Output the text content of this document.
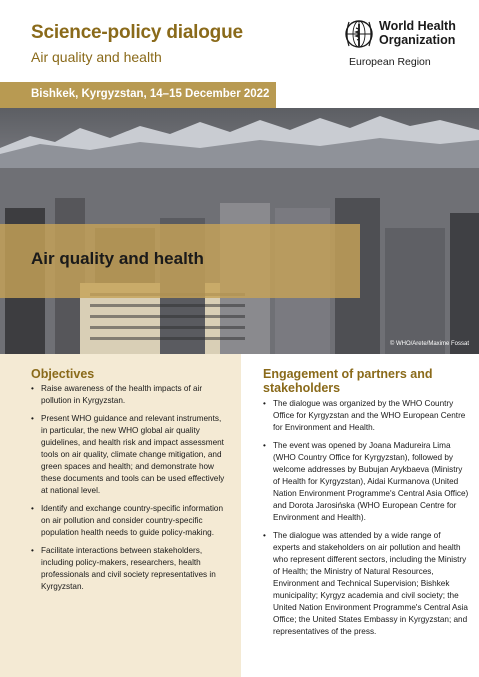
Science-policy dialogue
Air quality and health
World Health
Organization
European Region
Bishkek, Kyrgyzstan, 14–15 December 2022
Air quality and health
© WHO/Arete/Maxime Fossat
Objectives
• Raise awareness of the health impacts of air pollution in Kyrgyzstan.
• Present WHO guidance and relevant instruments, in particular, the new WHO global air quality guidelines, and health risk and impact assessment tools on air quality, climate change mitigation, and green spaces and health; and demonstrate how these documents and tools can be used effectively at national level.
• Identify and exchange country-specific information on air pollution and consider country-specific population health needs to guide policy-making.
• Facilitate interactions between stakeholders, including policy-makers, researchers, health professionals and civil society representatives in Kyrgyzstan.
Engagement of partners and stakeholders
• The dialogue was organized by the WHO Country Office for Kyrgyzstan and the WHO European Centre for Environment and Health.
• The event was opened by Joana Madureira Lima (WHO Country Office for Kyrgyzstan), followed by welcome addresses by Bubujan Arykbaeva (Ministry of Health for Kyrgyzstan), Aidai Kurmanova (United Nation Environment Programme's Central Asia Office) and Dorota Jarosińska (WHO European Centre for Environment and Health).
• The dialogue was attended by a wide range of experts and stakeholders on air pollution and health who represent different sectors, including the Ministry of Health; the Ministry of Natural Resources, Environment and Technical Supervision; Bishkek municipality; Kyrgyz academia and civil society; the United Nation Environment Programme's Central Asia Office; the United States Embassy in Kyrgyzstan; and representatives of the press.
